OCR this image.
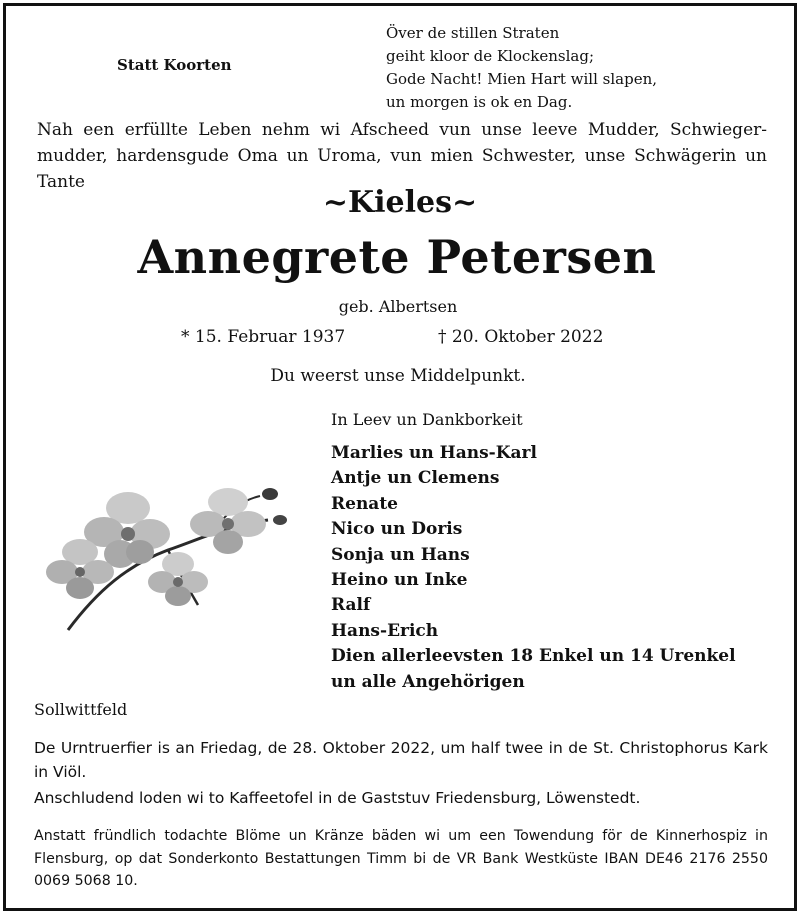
Statt Koorten
Över de stillen Straten
geiht kloor de Klockenslag;
Gode Nacht! Mien Hart will slapen,
un morgen is ok en Dag.
Nah een erfüllte Leben nehm wi Afscheed vun unse leeve Mudder, Schwieger- mudder, hardensgude Oma un Uroma, vun mien Schwester, unse Schwägerin un Tante
~Kieles~
Annegrete Petersen
geb. Albertsen
* 15. Februar 1937	† 20. Oktober 2022
Du weerst unse Middelpunkt.
In Leev un Dankborkeit
Marlies un Hans-Karl
Antje un Clemens
Renate
Nico un Doris
Sonja un Hans
Heino un Inke
Ralf
Hans-Erich
Dien allerleevsten 18 Enkel un 14 Urenkel
un alle Angehörigen
Sollwittfeld
De Urntruerfier is an Friedag, de 28. Oktober 2022, um half twee in de St. Christophorus Kark in Viöl.
Anschludend loden wi to Kaffeetofel in de Gaststuv Friedensburg, Löwenstedt.
Anstatt fründlich todachte Blöme un Kränze bäden wi um een Towendung för de Kinnerhospiz in Flensburg, op dat Sonderkonto Bestattungen Timm bi de VR Bank Westküste IBAN DE46 2176 2550 0069 5068 10.
